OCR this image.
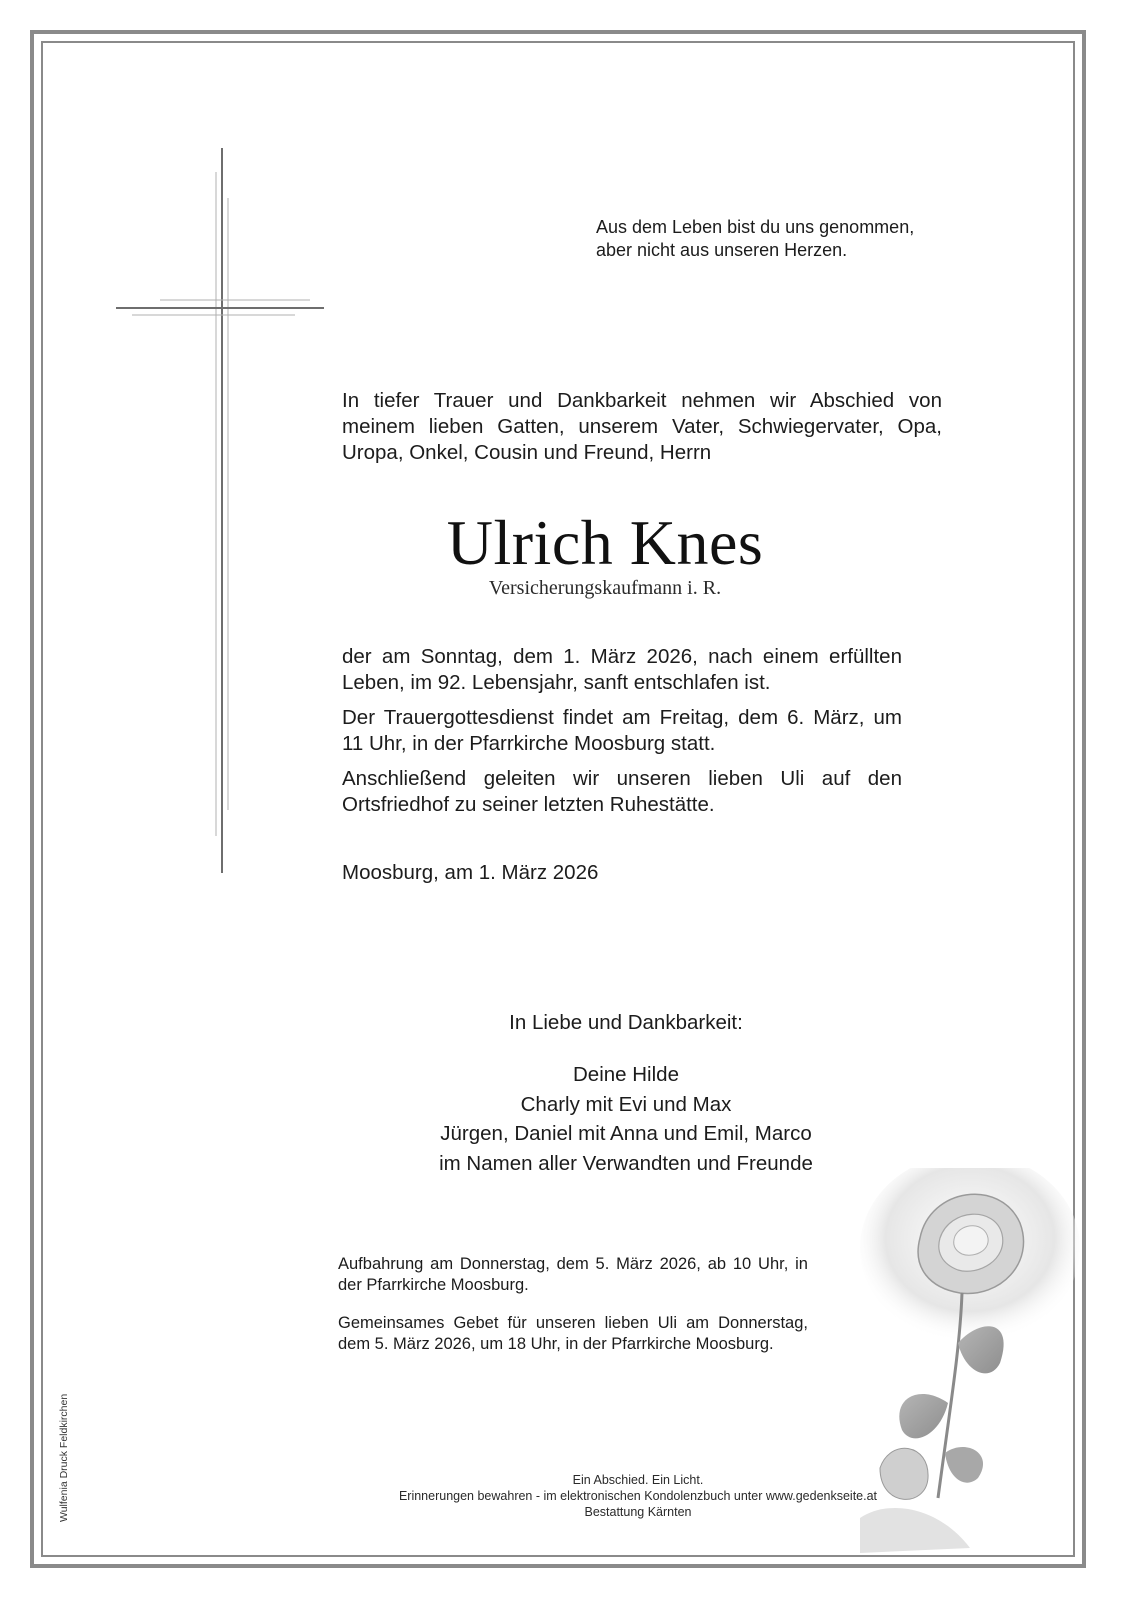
Aus dem Leben bist du uns genommen,
aber nicht aus unseren Herzen.
In tiefer Trauer und Dankbarkeit nehmen wir Abschied von meinem lieben Gatten, unserem Vater, Schwiegervater, Opa, Uropa, Onkel, Cousin und Freund, Herrn
Ulrich Knes
Versicherungskaufmann i. R.
der am Sonntag, dem 1. März 2026, nach einem erfüllten Leben, im 92. Lebensjahr, sanft entschlafen ist.
Der Trauergottesdienst findet am Freitag, dem 6. März, um 11 Uhr, in der Pfarrkirche Moosburg statt.
Anschließend geleiten wir unseren lieben Uli auf den Ortsfriedhof zu seiner letzten Ruhestätte.
Moosburg, am 1. März 2026
In Liebe und Dankbarkeit:
Deine Hilde
Charly mit Evi und Max
Jürgen, Daniel mit Anna und Emil, Marco
im Namen aller Verwandten und Freunde
Aufbahrung am Donnerstag, dem 5. März 2026, ab 10 Uhr, in der Pfarrkirche Moosburg.
Gemeinsames Gebet für unseren lieben Uli am Donnerstag, dem 5. März 2026, um 18 Uhr, in der Pfarrkirche Moosburg.
Ein Abschied. Ein Licht.
Erinnerungen bewahren - im elektronischen Kondolenzbuch unter www.gedenkseite.at
Bestattung Kärnten
Wulfenia Druck Feldkirchen
